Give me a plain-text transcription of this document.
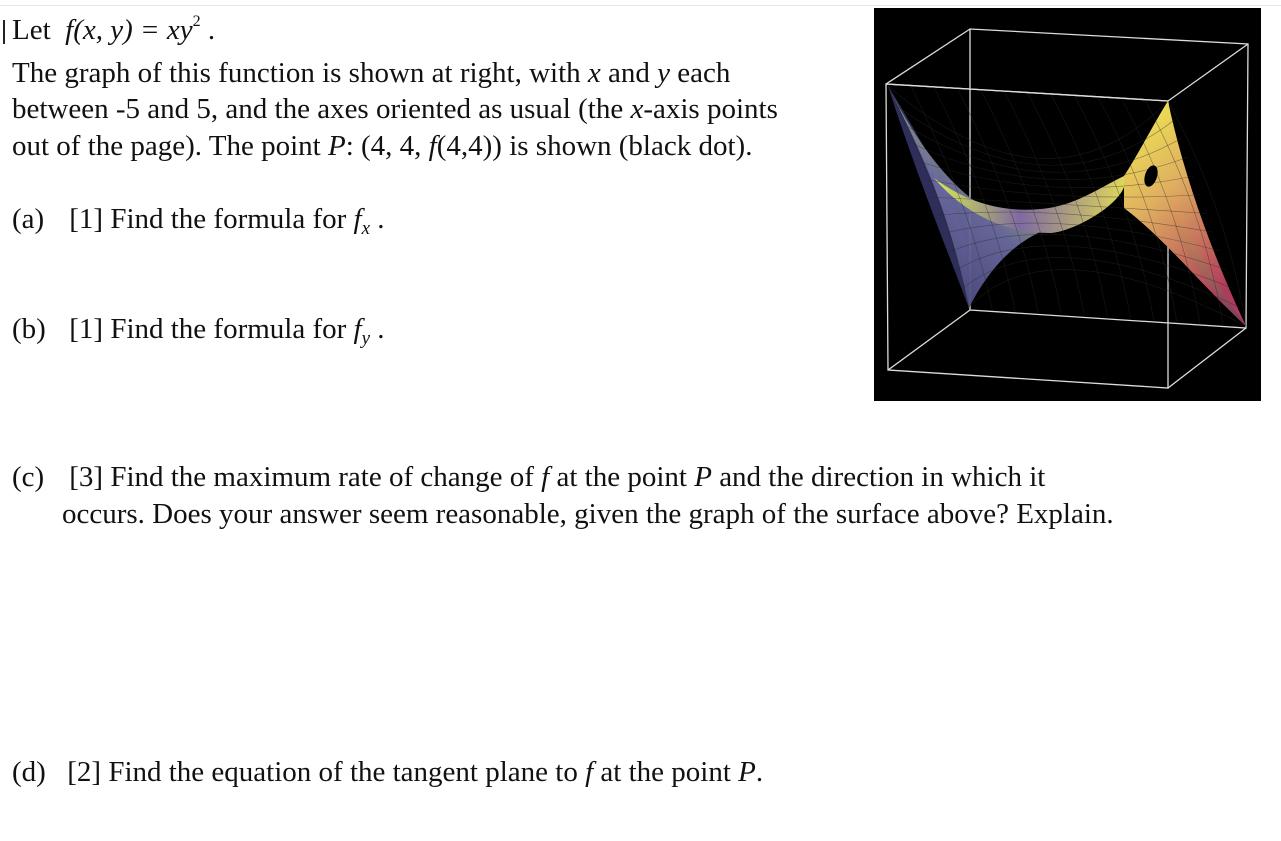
Let f(x, $y) = xy^2$ .
The graph of this function is shown at right, with x and y each
between -5 and 5, and the axes oriented as usual (the x-axis points
out of the page). The point P: (4, 4, f(4,4)) is shown (black dot).
(a) [1] Find the formula for $f_x$ .
(b) [1] Find the formula for $f_y$ .
(c) [3] Find the maximum rate of change of f at the point P and the direction in which it
occurs. Does your answer seem reasonable, given the graph of the surface above? Explain.
(d) [2] Find the equation of the tangent plane to f at the point P.
